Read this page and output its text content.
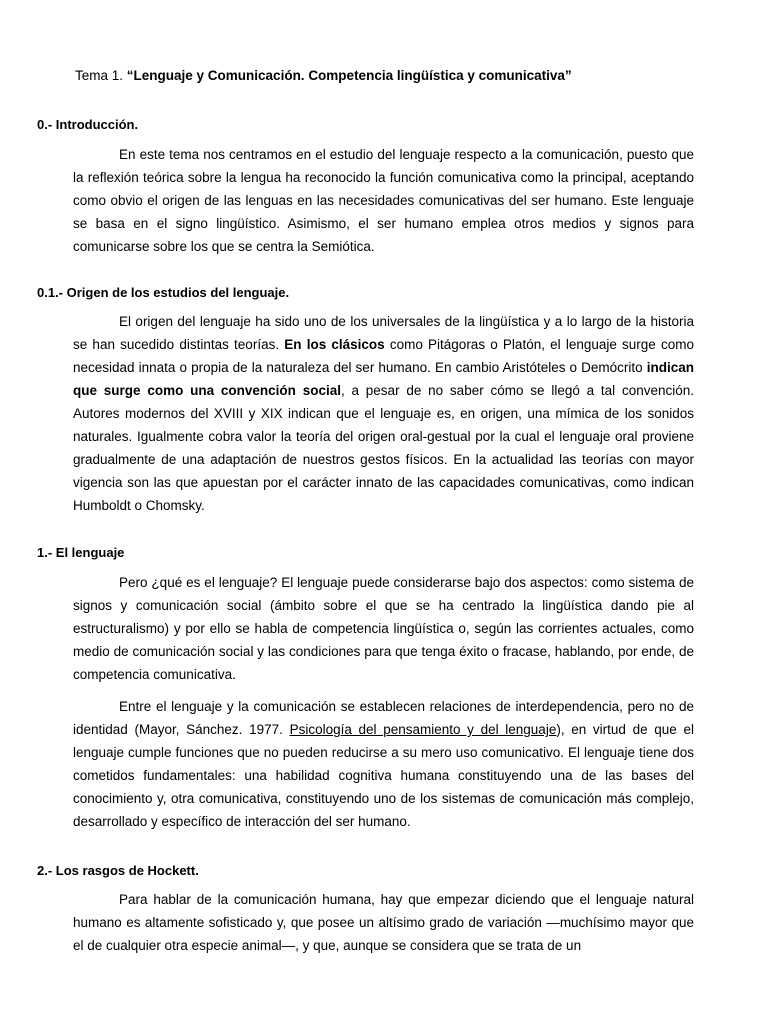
Tema 1. “Lenguaje y Comunicación. Competencia lingüística y comunicativa”
0.- Introducción.

En este tema nos centramos en el estudio del lenguaje respecto a la comunicación, puesto que la reflexión teórica sobre la lengua ha reconocido la función comunicativa como la principal, aceptando como obvio el origen de las lenguas en las necesidades comunicativas del ser humano. Este lenguaje se basa en el signo lingüístico. Asimismo, el ser humano emplea otros medios y signos para comunicarse sobre los que se centra la Semiótica.

0.1.- Origen de los estudios del lenguaje.

El origen del lenguaje ha sido uno de los universales de la lingüística y a lo largo de la historia se han sucedido distintas teorías. En los clásicos como Pitágoras o Platón, el lenguaje surge como necesidad innata o propia de la naturaleza del ser humano. En cambio Aristóteles o Demócrito indican que surge como una convención social, a pesar de no saber cómo se llegó a tal convención. Autores modernos del XVIII y XIX indican que el lenguaje es, en origen, una mímica de los sonidos naturales. Igualmente cobra valor la teoría del origen oral-gestual por la cual el lenguaje oral proviene gradualmente de una adaptación de nuestros gestos físicos. En la actualidad las teorías con mayor vigencia son las que apuestan por el carácter innato de las capacidades comunicativas, como indican Humboldt o Chomsky.

1.- El lenguaje

Pero ¿qué es el lenguaje? El lenguaje puede considerarse bajo dos aspectos: como sistema de signos y comunicación social (ámbito sobre el que se ha centrado la lingüística dando pie al estructuralismo) y por ello se habla de competencia lingüística o, según las corrientes actuales, como medio de comunicación social y las condiciones para que tenga éxito o fracase, hablando, por ende, de competencia comunicativa.

Entre el lenguaje y la comunicación se establecen relaciones de interdependencia, pero no de identidad (Mayor, Sánchez. 1977. Psicología del pensamiento y del lenguaje), en virtud de que el lenguaje cumple funciones que no pueden reducirse a su mero uso comunicativo. El lenguaje tiene dos cometidos fundamentales: una habilidad cognitiva humana constituyendo una de las bases del conocimiento y, otra comunicativa, constituyendo uno de los sistemas de comunicación más complejo, desarrollado y específico de interacción del ser humano.

2.- Los rasgos de Hockett.

Para hablar de la comunicación humana, hay que empezar diciendo que el lenguaje natural humano es altamente sofisticado y, que posee un altísimo grado de variación —muchísimo mayor que el de cualquier otra especie animal—, y que, aunque se considera que se trata de un
